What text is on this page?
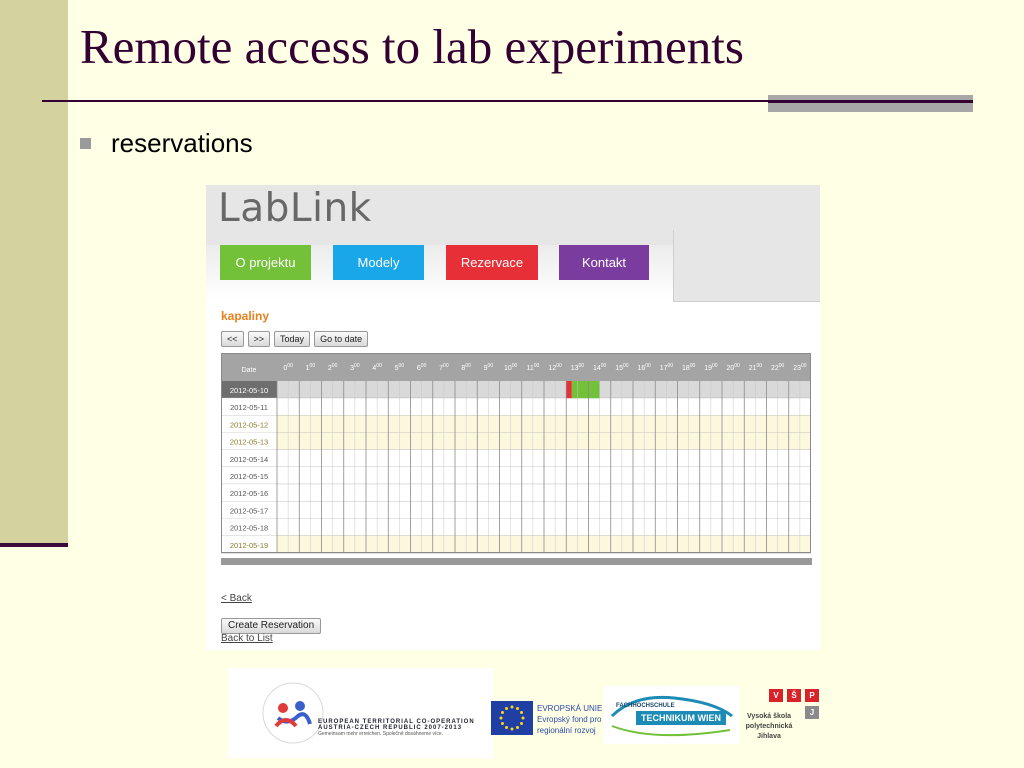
Remote access to lab experiments
reservations
LabLink
O projektu	Modely	Rezervace	Kontakt
kapaliny
<<	>>	Today	Go to date
Date	$0^{00}$ $1^{00}$ $2^{00}$ $3^{00}$ $4^{00}$ $5^{00}$ $6^{00}$ $7^{00}$ $8^{00}$ $9^{00}$ $10^{00}$ $11^{00}$ $12^{00}$ $13^{00}$ $14^{00}$ $15^{00}$ $16^{00}$ $17^{00}$ $18^{00}$ $19^{00}$ $20^{00}$ $21^{00}$ $22^{00}$ $23^{00}$
2012-05-10
2012-05-11
2012-05-12
2012-05-13
2012-05-14
2012-05-15
2012-05-16
2012-05-17
2012-05-18
2012-05-19
< Back
Create Reservation
Back to List
EUROPEAN TERRITORIAL CO-OPERATION
AUSTRIA-CZECH REPUBLIC 2007-2013
Gemeinsam mehr erreichen. Společně dosáhneme více.
EVROPSKÁ UNIE
Evropský fond pro
regionální rozvoj
FACHHOCHSCHULE
TECHNIKUM WIEN
V	Š	P
J
Vysoká škola
polytechnická
Jihlava
